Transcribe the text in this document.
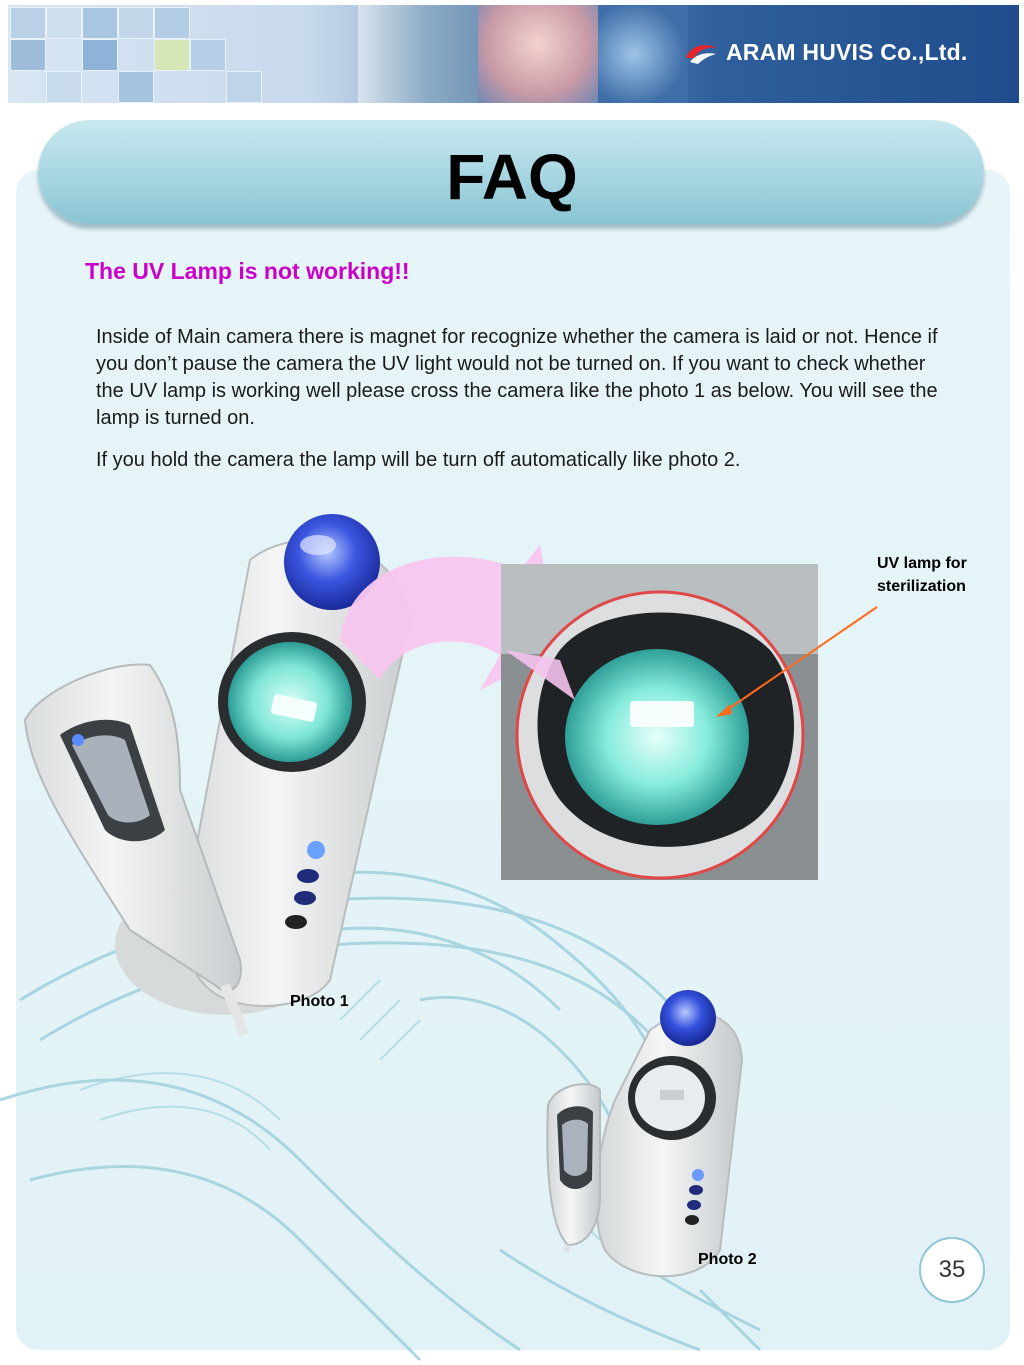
ARAM HUVIS Co.,Ltd.
FAQ
The UV Lamp is not working!!
Inside of Main camera there is magnet for recognize whether the camera is laid or not. Hence if you don’t pause the camera the UV light would not be turned on. If you want to check whether the UV lamp is working well please cross the camera like the photo 1 as below. You will see the lamp is turned on.
If you hold the camera the lamp will be turn off automatically like photo 2.
UV lamp for
sterilization
Photo 1
Photo 2	35
